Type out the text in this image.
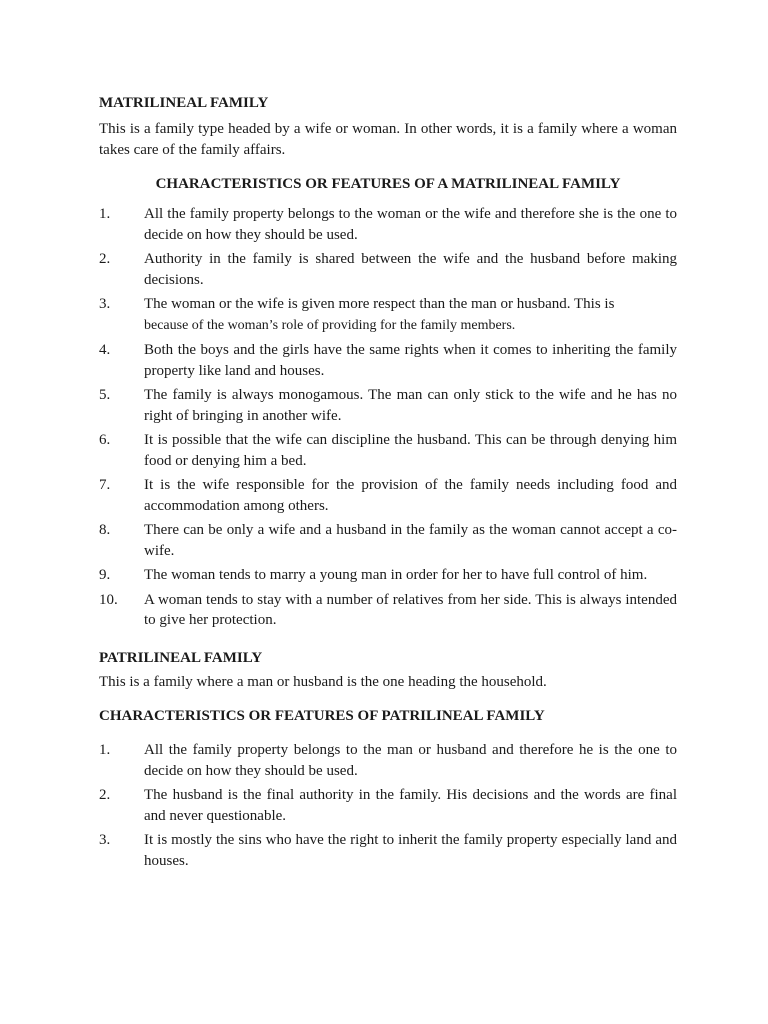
MATRILINEAL FAMILY

This is a family type headed by a wife or woman. In other words, it is a family where a woman takes care of the family affairs.

CHARACTERISTICS OR FEATURES OF A MATRILINEAL FAMILY
1.	All the family property belongs to the woman or the wife and therefore she is the one to decide on how they should be used.
2.	Authority in the family is shared between the wife and the husband before making decisions.
3.	The woman or the wife is given more respect than the man or husband. This is
because of the woman’s role of providing for the family members.
4.	Both the boys and the girls have the same rights when it comes to inheriting the family property like land and houses.
5.	The family is always monogamous. The man can only stick to the wife and he has no right of bringing in another wife.
6.	It is possible that the wife can discipline the husband. This can be through denying him food or denying him a bed.
7.	It is the wife responsible for the provision of the family needs including food and accommodation among others.
8.	There can be only a wife and a husband in the family as the woman cannot accept a co-wife.
9.	The woman tends to marry a young man in order for her to have full control of him.
10.	A woman tends to stay with a number of relatives from her side. This is always intended to give her protection.
PATRILINEAL FAMILY

This is a family where a man or husband is the one heading the household.

CHARACTERISTICS OR FEATURES OF PATRILINEAL FAMILY
1.	All the family property belongs to the man or husband and therefore he is the one to decide on how they should be used.
2.	The husband is the final authority in the family. His decisions and the words are final and never questionable.
3.	It is mostly the sins who have the right to inherit the family property especially land and houses.
